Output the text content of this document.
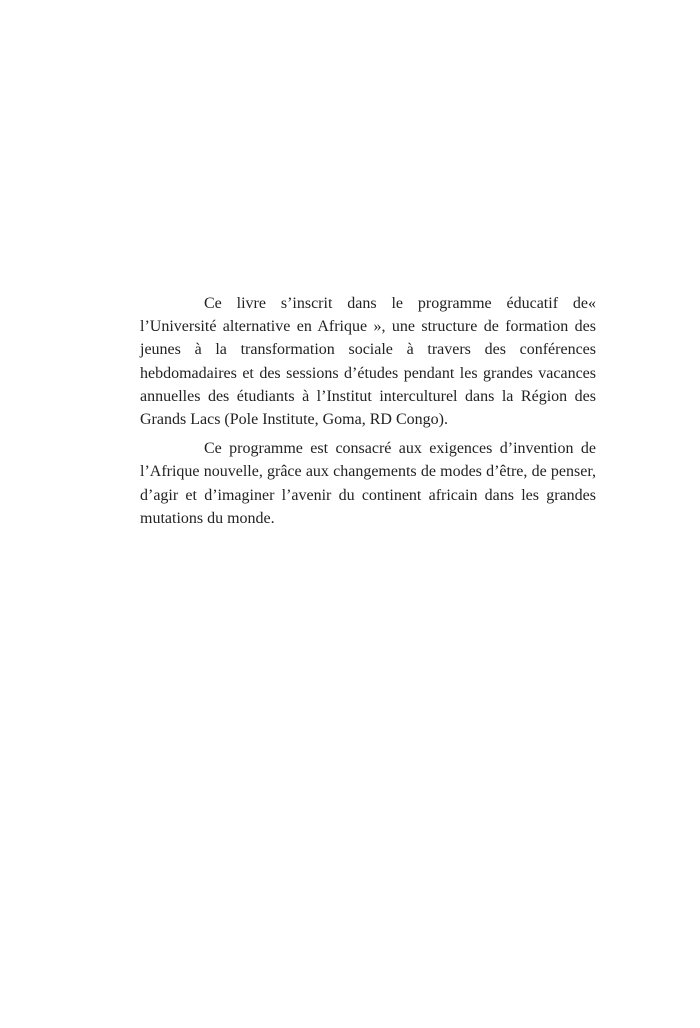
Ce livre s’inscrit dans le programme éducatif de« l’Université alternative en Afrique », une structure de formation des jeunes à la transformation sociale à travers des conférences hebdomadaires et des sessions d’études pendant les grandes vacances annuelles des étudiants à l’Institut interculturel dans la Région des Grands Lacs (Pole Institute, Goma, RD Congo).

Ce programme est consacré aux exigences d’invention de l’Afrique nouvelle, grâce aux changements de modes d’être, de penser, d’agir et d’imaginer l’avenir du continent africain dans les grandes mutations du monde.
